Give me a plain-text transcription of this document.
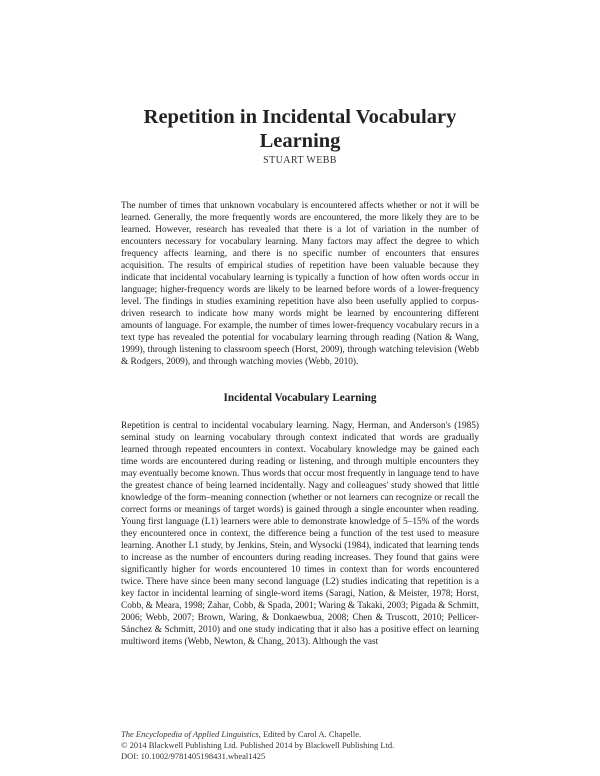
Repetition in Incidental Vocabulary Learning
STUART WEBB
The number of times that unknown vocabulary is encountered affects whether or not it will be learned. Generally, the more frequently words are encountered, the more likely they are to be learned. However, research has revealed that there is a lot of variation in the number of encounters necessary for vocabulary learning. Many factors may affect the degree to which frequency affects learning, and there is no specific number of encounters that ensures acquisition. The results of empirical studies of repetition have been valuable because they indicate that incidental vocabulary learning is typically a function of how often words occur in language; higher-frequency words are likely to be learned before words of a lower-frequency level. The findings in studies examining repetition have also been usefully applied to corpus-driven research to indicate how many words might be learned by encountering different amounts of language. For example, the number of times lower-frequency vocabulary recurs in a text type has revealed the potential for vocabulary learning through reading (Nation & Wang, 1999), through listening to classroom speech (Horst, 2009), through watching television (Webb & Rodgers, 2009), and through watching movies (Webb, 2010).
Incidental Vocabulary Learning
Repetition is central to incidental vocabulary learning. Nagy, Herman, and Anderson's (1985) seminal study on learning vocabulary through context indicated that words are gradually learned through repeated encounters in context. Vocabulary knowledge may be gained each time words are encountered during reading or listening, and through multiple encounters they may eventually become known. Thus words that occur most frequently in language tend to have the greatest chance of being learned incidentally. Nagy and colleagues' study showed that little knowledge of the form–meaning connection (whether or not learners can recognize or recall the correct forms or meanings of target words) is gained through a single encounter when reading. Young first language (L1) learners were able to demonstrate knowledge of 5–15% of the words they encountered once in context, the difference being a function of the test used to measure learning. Another L1 study, by Jenkins, Stein, and Wysocki (1984), indicated that learning tends to increase as the number of encounters during reading increases. They found that gains were significantly higher for words encountered 10 times in context than for words encountered twice. There have since been many second language (L2) studies indicating that repetition is a key factor in incidental learning of single-word items (Saragi, Nation, & Meister, 1978; Horst, Cobb, & Meara, 1998; Zahar, Cobb, & Spada, 2001; Waring & Takaki, 2003; Pigada & Schmitt, 2006; Webb, 2007; Brown, Waring, & Donkaewbua, 2008; Chen & Truscott, 2010; Pellicer-Sánchez & Schmitt, 2010) and one study indicating that it also has a positive effect on learning multiword items (Webb, Newton, & Chang, 2013). Although the vast
The Encyclopedia of Applied Linguistics, Edited by Carol A. Chapelle.
© 2014 Blackwell Publishing Ltd. Published 2014 by Blackwell Publishing Ltd.
DOI: 10.1002/9781405198431.wbeal1425
